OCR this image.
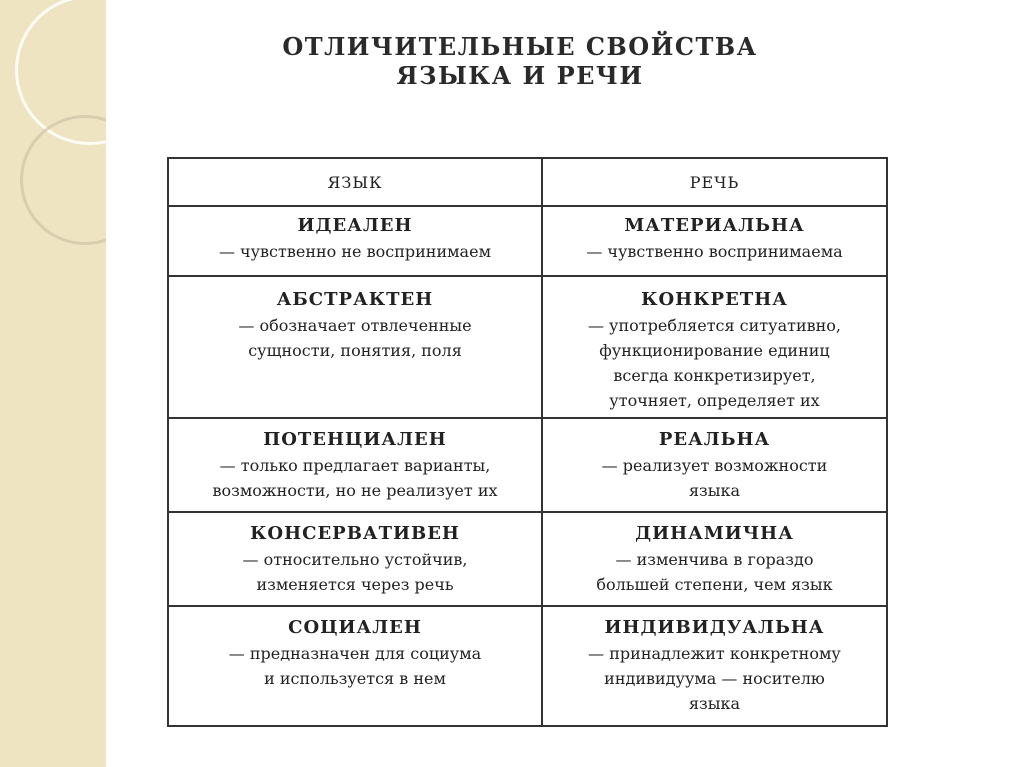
ОТЛИЧИТЕЛЬНЫЕ СВОЙСТВА
ЯЗЫКА И РЕЧИ
ЯЗЫК	РЕЧЬ
ИДЕАЛЕН
— чувственно не воспринимаем
МАТЕРИАЛЬНА
— чувственно воспринимаема
АБСТРАКТЕН
— обозначает отвлеченные
сущности, понятия, поля
КОНКРЕТНА
— употребляется ситуативно,
функционирование единиц
всегда конкретизирует,
уточняет, определяет их
ПОТЕНЦИАЛЕН
— только предлагает варианты,
возможности, но не реализует их
РЕАЛЬНА
— реализует возможности
языка
КОНСЕРВАТИВЕН
— относительно устойчив,
изменяется через речь
ДИНАМИЧНА
— изменчива в гораздо
большей степени, чем язык
СОЦИАЛЕН
— предназначен для социума
и используется в нем
ИНДИВИДУАЛЬНА
— принадлежит конкретному
индивидуума — носителю
языка
